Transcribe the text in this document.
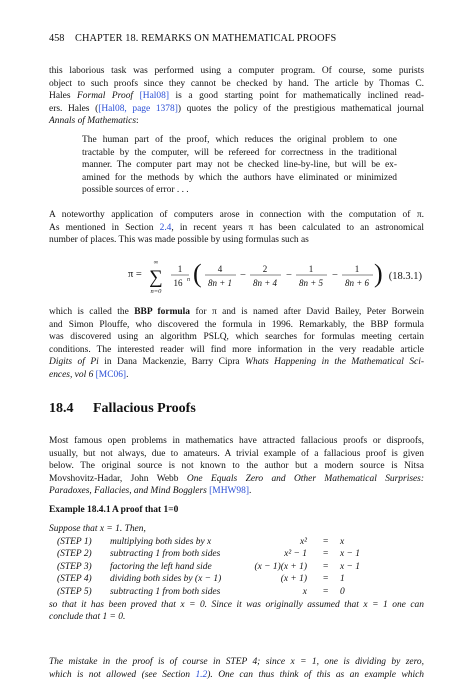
458 CHAPTER 18. REMARKS ON MATHEMATICAL PROOFS
this laborious task was performed using a computer program. Of course, some purists
object to such proofs since they cannot be checked by hand. The article by Thomas C.
Hales Formal Proof [Hal08] is a good starting point for mathematically inclined read-
ers. Hales ([Hal08, page 1378]) quotes the policy of the prestigious mathematical journal
Annals of Mathematics:
The human part of the proof, which reduces the original problem to one
tractable by the computer, will be refereed for correctness in the traditional
manner. The computer part may not be checked line-by-line, but will be ex-
amined for the methods by which the authors have eliminated or minimized
possible sources of error . . .
A noteworthy application of computers arose in connection with the computation of π.
As mentioned in Section 2.4, in recent years π has been calculated to an astronomical
number of places. This was made possible by using formulas such as
π =
∞
∑
n=0
1
16 n ( 4
8n + 1
−
2
8n + 4
−
1
8n + 5
−
1
8n + 6 ) (18.3.1)
which is called the BBP formula for π and is named after David Bailey, Peter Borwein
and Simon Plouffe, who discovered the formula in 1996. Remarkably, the BBP formula
was discovered using an algorithm PSLQ, which searches for formulas meeting certain
conditions. The interested reader will find more information in the very readable article
Digits of Pi in Dana Mackenzie, Barry Cipra Whats Happening in the Mathematical Sci-
ences, vol 6 [MC06].
18.4 Fallacious Proofs
Most famous open problems in mathematics have attracted fallacious proofs or disproofs,
usually, but not always, due to amateurs. A trivial example of a fallacious proof is given
below. The original source is not known to the author but a modern source is Nitsa
Movshovitz-Hadar, John Webb One Equals Zero and Other Mathematical Surprises:
Paradoxes, Fallacies, and Mind Bogglers [MHW98].
Example 18.4.1A proof that 1=0
Suppose that x = 1. Then,
(STEP 1) multiplying both sides by x	x² = x
(STEP 2) subtracting 1 from both sides	x² − 1 = x − 1
(STEP 3) factoring the left hand side	(x − 1)(x + 1) = x − 1
(STEP 4) dividing both sides by (x − 1)	(x + 1) = 1
(STEP 5) subtracting 1 from both sides	x = 0
so that it has been proved that x = 0. Since it was originally assumed that x = 1 one can
conclude that 1 = 0.
The mistake in the proof is of course in STEP 4; since x = 1, one is dividing by zero,
which is not allowed (see Section 1.2). One can thus think of this as an example which
